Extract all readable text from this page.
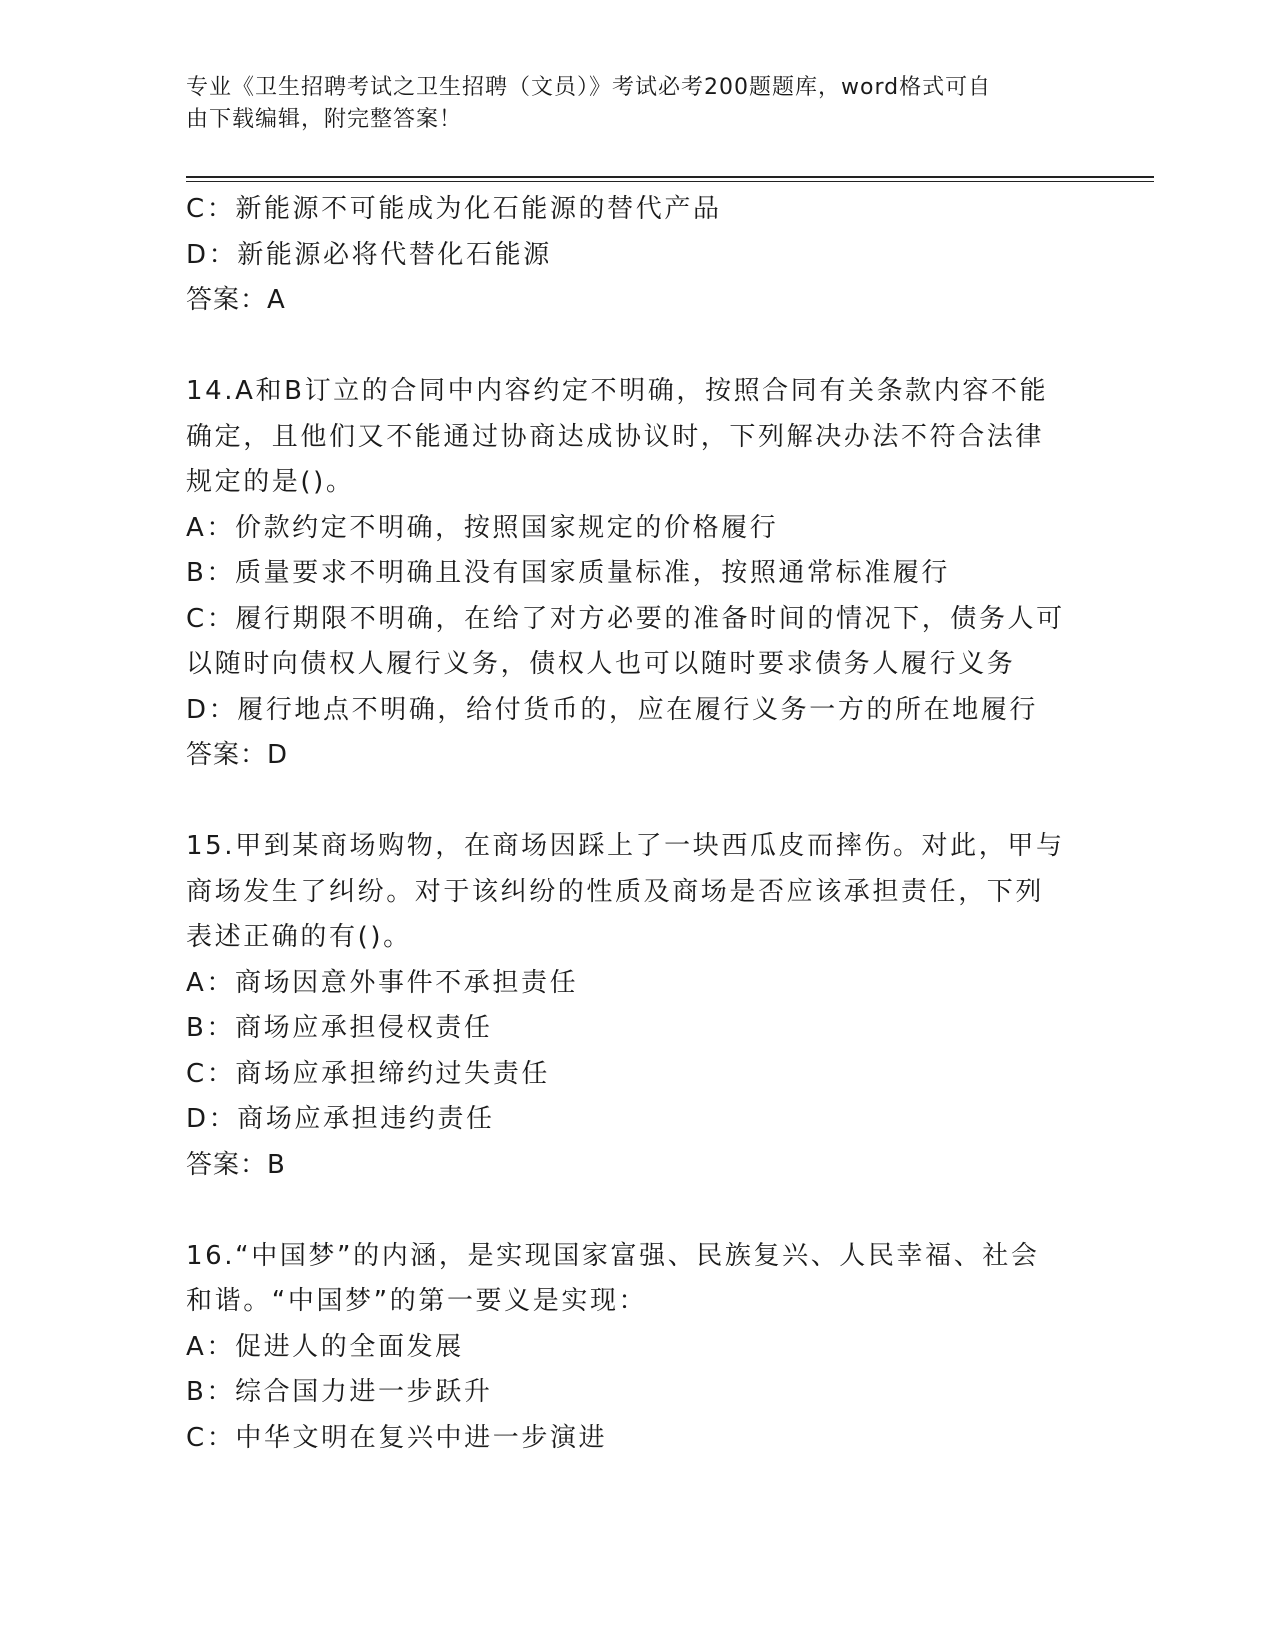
专业《卫生招聘考试之卫生招聘（文员）》考试必考200题题库，word格式可自
由下载编辑，附完整答案！
C：新能源不可能成为化石能源的替代产品
D：新能源必将代替化石能源
答案：A
14.A和B订立的合同中内容约定不明确，按照合同有关条款内容不能
确定，且他们又不能通过协商达成协议时，下列解决办法不符合法律
规定的是()。
A：价款约定不明确，按照国家规定的价格履行
B：质量要求不明确且没有国家质量标准，按照通常标准履行
C：履行期限不明确，在给了对方必要的准备时间的情况下，债务人可
以随时向债权人履行义务，债权人也可以随时要求债务人履行义务
D：履行地点不明确，给付货币的，应在履行义务一方的所在地履行
答案：D
15.甲到某商场购物，在商场因踩上了一块西瓜皮而摔伤。对此，甲与
商场发生了纠纷。对于该纠纷的性质及商场是否应该承担责任，下列
表述正确的有()。
A：商场因意外事件不承担责任
B：商场应承担侵权责任
C：商场应承担缔约过失责任
D：商场应承担违约责任
答案：B
16.“中国梦”的内涵，是实现国家富强、民族复兴、人民幸福、社会
和谐。“中国梦”的第一要义是实现：
A：促进人的全面发展
B：综合国力进一步跃升
C：中华文明在复兴中进一步演进
